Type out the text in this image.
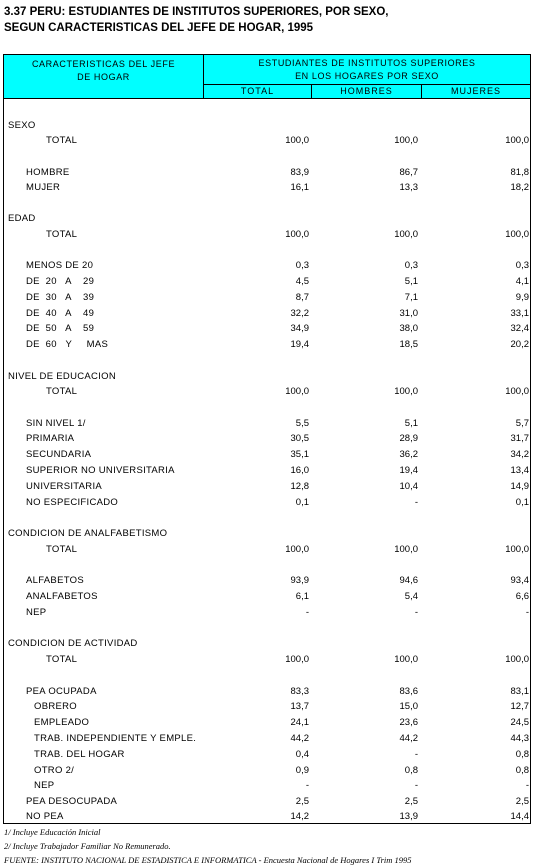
3.37 PERU: ESTUDIANTES DE INSTITUTOS SUPERIORES, POR SEXO,
SEGUN CARACTERISTICAS DEL JEFE DE HOGAR, 1995
CARACTERISTICAS DEL JEFE
DE HOGAR
ESTUDIANTES DE INSTITUTOS SUPERIORES
EN LOS HOGARES POR SEXO
TOTAL	HOMBRES	MUJERES
SEXO
TOTAL	100,0	100,0	100,0
HOMBRE	83,9	86,7	81,8
MUJER	16,1	13,3	18,2
EDAD
TOTAL	100,0	100,0	100,0
MENOS DE 20	0,3	0,3	0,3
DE  20   A    29	4,5	5,1	4,1
DE  30   A    39	8,7	7,1	9,9
DE  40   A    49	32,2	31,0	33,1
DE  50   A    59	34,9	38,0	32,4
DE  60   Y     MAS	19,4	18,5	20,2
NIVEL DE EDUCACION
TOTAL	100,0	100,0	100,0
SIN NIVEL 1/	5,5	5,1	5,7
PRIMARIA	30,5	28,9	31,7
SECUNDARIA	35,1	36,2	34,2
SUPERIOR NO UNIVERSITARIA	16,0	19,4	13,4
UNIVERSITARIA	12,8	10,4	14,9
NO ESPECIFICADO	0,1	-	0,1
CONDICION DE ANALFABETISMO
TOTAL	100,0	100,0	100,0
ALFABETOS	93,9	94,6	93,4
ANALFABETOS	6,1	5,4	6,6
NEP	-	-	-
CONDICION DE ACTIVIDAD
TOTAL	100,0	100,0	100,0
PEA OCUPADA	83,3	83,6	83,1
OBRERO	13,7	15,0	12,7
EMPLEADO	24,1	23,6	24,5
TRAB. INDEPENDIENTE Y EMPLE.	44,2	44,2	44,3
TRAB. DEL HOGAR	0,4	-	0,8
OTRO 2/	0,9	0,8	0,8
NEP	-	-	-
PEA DESOCUPADA	2,5	2,5	2,5
NO PEA	14,2	13,9	14,4
1/ Incluye Educación Inicial
2/ Incluye Trabajador Familiar No Remunerado.
FUENTE: INSTITUTO NACIONAL DE ESTADISTICA E INFORMATICA - Encuesta Nacional de Hogares I Trim 1995
